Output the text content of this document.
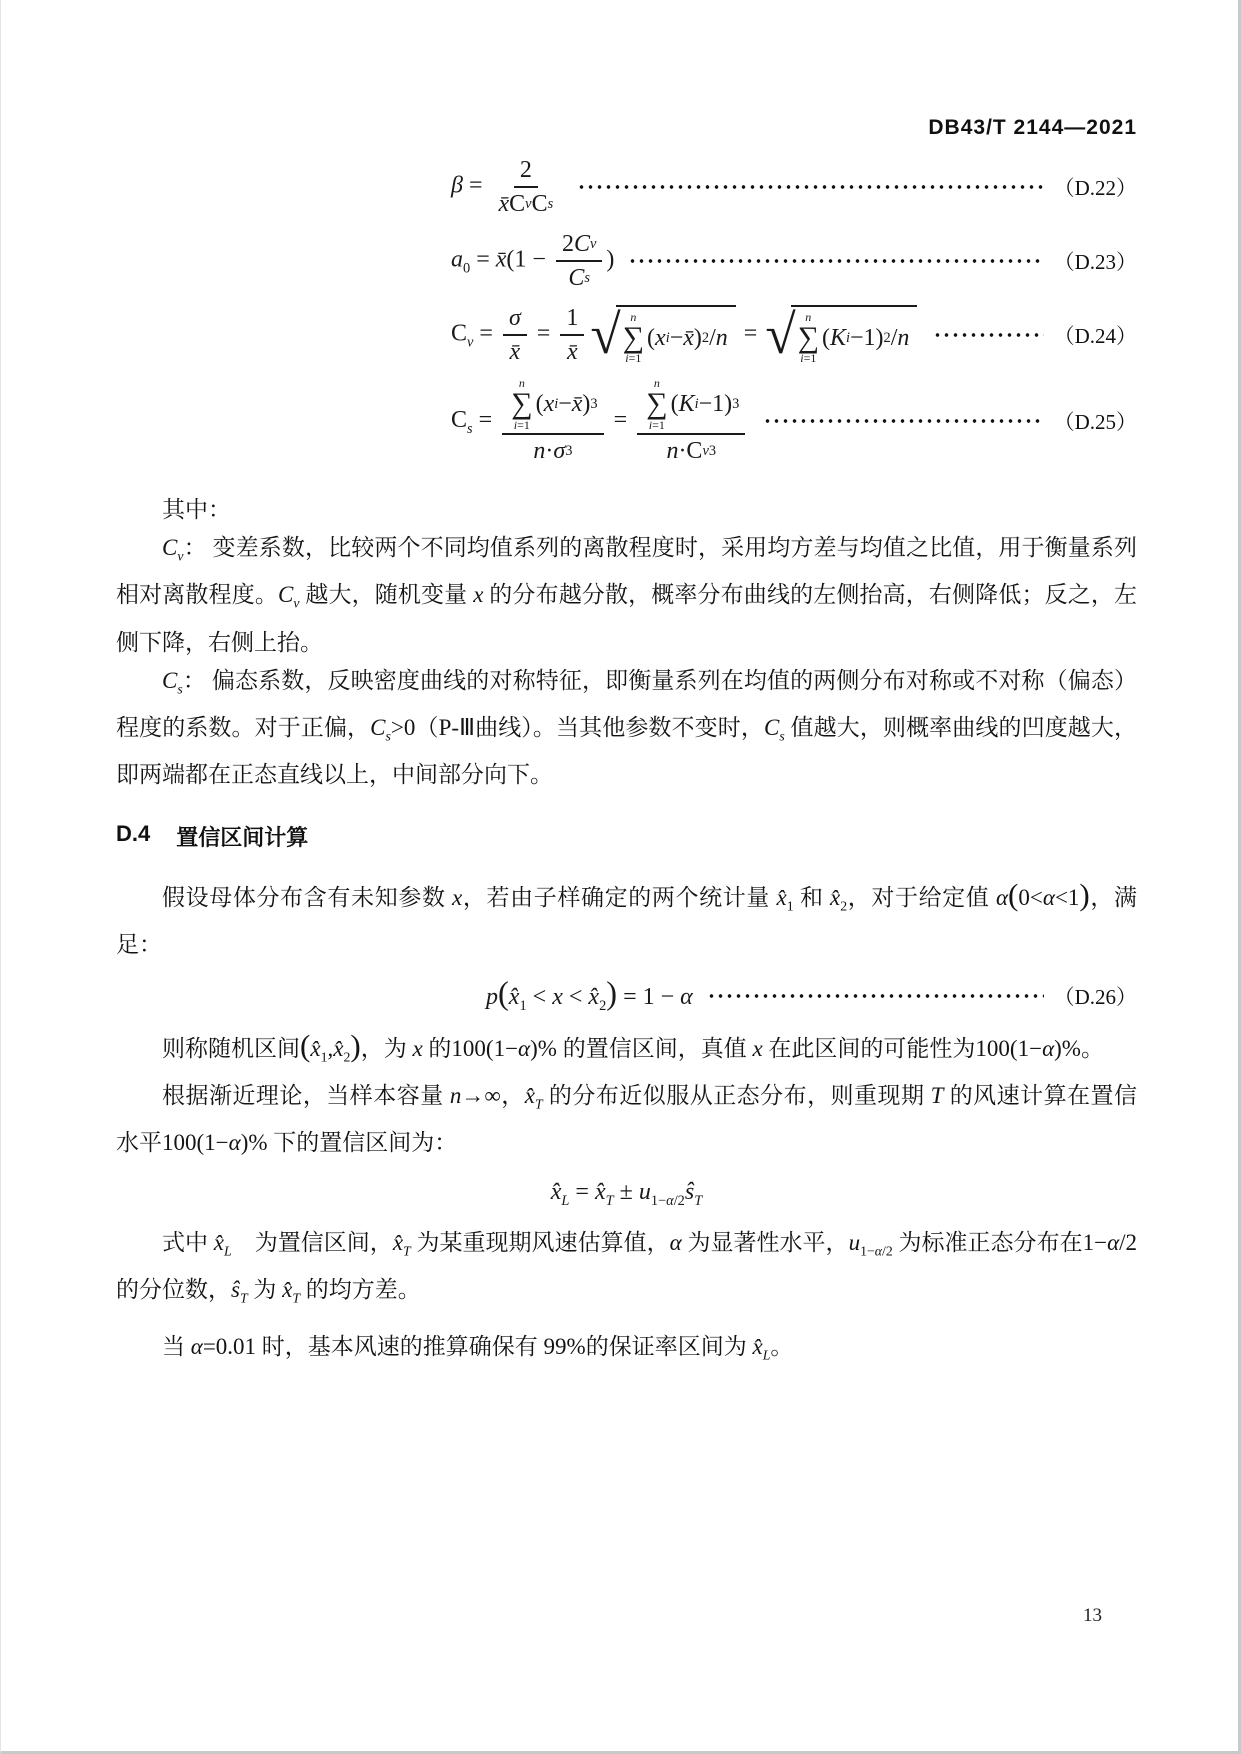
DB43/T 2144—2021
$\beta = \frac{2}{\text{x̄ C v C s}}$	（D.22）
$a_0$ = x̄(1 − $\frac{\text{2 C v}}{\text{C s}}$ )	（D.23）
$C_v = \frac{\sigma}{x̄} = \frac{1}{x̄}$ √ n
∑
i=1
( x i − x̄ ) 2 / n = √ n
∑
i=1
( K i −1) 2 / n	（D.24）
$C_s = n$
∑
i=1
( x i − x̄ ) 3
n · σ 3 = n
∑
i=1
( K i −1) 3
n ·C v 3	（D.25）

其中：

$C_v$： 变差系数，比较两个不同均值系列的离散程度时，采用均方差与均值之比值，用于衡量系列相对离散程度。$C_v$ 越大，随机变量 x 的分布越分散，概率分布曲线的左侧抬高，右侧降低；反之，左侧下降，右侧上抬。

$C_s$： 偏态系数，反映密度曲线的对称特征，即衡量系列在均值的两侧分布对称或不对称（偏态）程度的系数。对于正偏，$C_s>0(P-Ⅲ$曲线）。当其他参数不变时，$C_s$ 值越大，则概率曲线的凹度越大，即两端都在正态直线以上，中间部分向下。

D.4 置信区间计算

假设母体分布含有未知参数 x，若由子样确定的两个统计量 $x̂_1$ 和 $x̂_2$，对于给定值 α(0<α<1)，满足：

$p(x̂_1 < x$ < $x̂_2) = 1 - \alpha$	（D.26）

则称随机区间$(x̂_1,x̂_2)$，为 x 的100(1−α)% 的置信区间，真值 x 在此区间的可能性为100(1−α)%。

根据渐近理论，当样本容量 n→∞，$x̂_T$ 的分布近似服从正态分布，则重现期 T 的风速计算在置信水平100(1−α)% 下的置信区间为：

$x̂_L$ = $x̂_T$ ± $u_{1-\alpha/2}ŝ_T$

式中 $x̂_L$　为置信区间，$x̂_T$ 为某重现期风速估算值，α 为显著性水平，$u_{1-\alpha/2}$ 为标准正态分布在1−α/2 的分位数，$ŝ_T$ 为 $x̂_T$ 的均方差。

当 α=0.01 时，基本风速的推算确保有 99%的保证率区间为 $x̂_L$。

13
